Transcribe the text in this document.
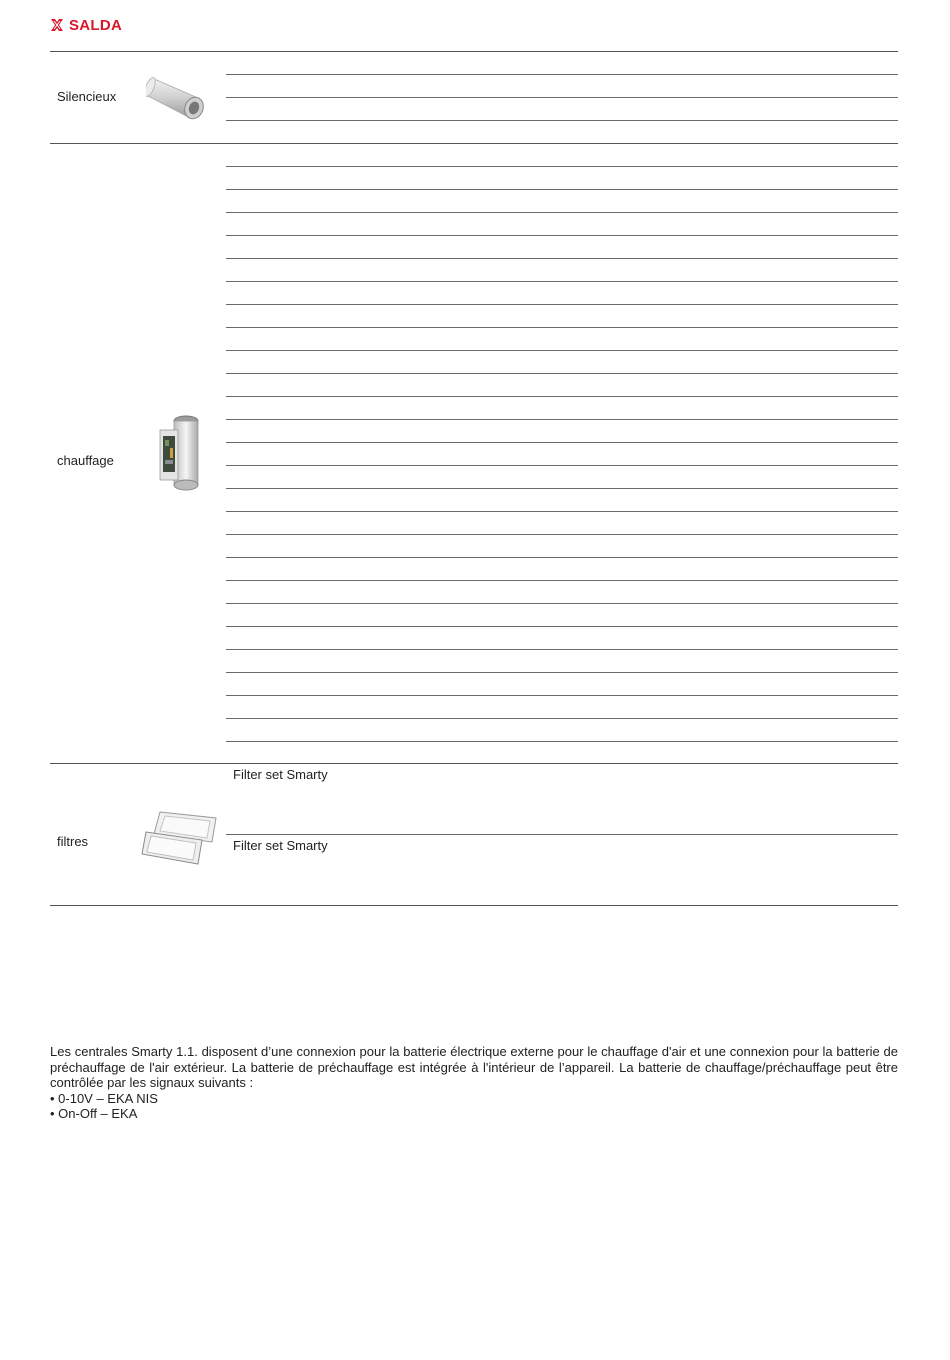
SALDA
Silencieux
chauffage
Filter set Smarty
Filter set Smarty
filtres

Les centrales Smarty 1.1. disposent d’une connexion pour la batterie électrique externe pour le chauffage d'air et une connexion pour la batterie de préchauffage de l'air extérieur. La batterie de préchauffage est intégrée à l'intérieur de l’appareil. La batterie de chauffage/préchauffage peut être contrôlée par les signaux suivants :

• 0-10V – EKA NIS

• On-Off – EKA
